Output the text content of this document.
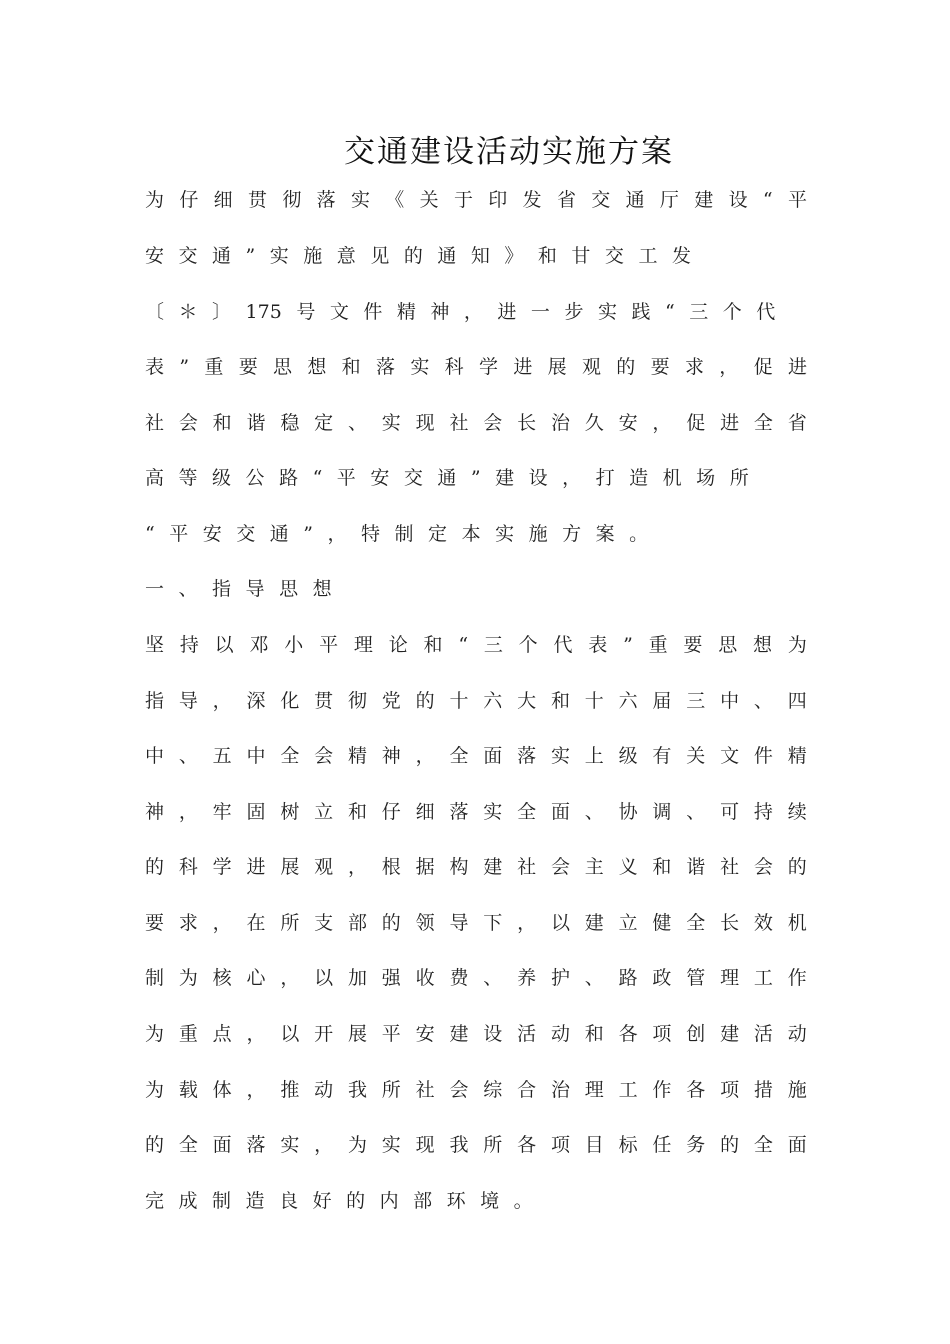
交通建设活动实施方案
为 仔 细 贯 彻 落 实 《 关 于 印 发 省 交 通 厅 建 设 “ 平
安 交 通 ” 实 施 意 见 的 通 知 》 和 甘 交 工 发
〔 ＊ 〕 175 号 文 件 精 神 ， 进 一 步 实 践 “ 三 个 代
表 ” 重 要 思 想 和 落 实 科 学 进 展 观 的 要 求 ， 促 进
社 会 和 谐 稳 定 、 实 现 社 会 长 治 久 安 ， 促 进 全 省
高 等 级 公 路 “ 平 安 交 通 ” 建 设 ， 打 造 机 场 所
“ 平 安 交 通 ” ， 特 制 定 本 实 施 方 案 。
一 、 指 导 思 想
坚 持 以 邓 小 平 理 论 和 “ 三 个 代 表 ” 重 要 思 想 为
指 导 ， 深 化 贯 彻 党 的 十 六 大 和 十 六 届 三 中 、 四
中 、 五 中 全 会 精 神 ， 全 面 落 实 上 级 有 关 文 件 精
神 ， 牢 固 树 立 和 仔 细 落 实 全 面 、 协 调 、 可 持 续
的 科 学 进 展 观 ， 根 据 构 建 社 会 主 义 和 谐 社 会 的
要 求 ， 在 所 支 部 的 领 导 下 ， 以 建 立 健 全 长 效 机
制 为 核 心 ， 以 加 强 收 费 、 养 护 、 路 政 管 理 工 作
为 重 点 ， 以 开 展 平 安 建 设 活 动 和 各 项 创 建 活 动
为 载 体 ， 推 动 我 所 社 会 综 合 治 理 工 作 各 项 措 施
的 全 面 落 实 ， 为 实 现 我 所 各 项 目 标 任 务 的 全 面
完 成 制 造 良 好 的 内 部 环 境 。
